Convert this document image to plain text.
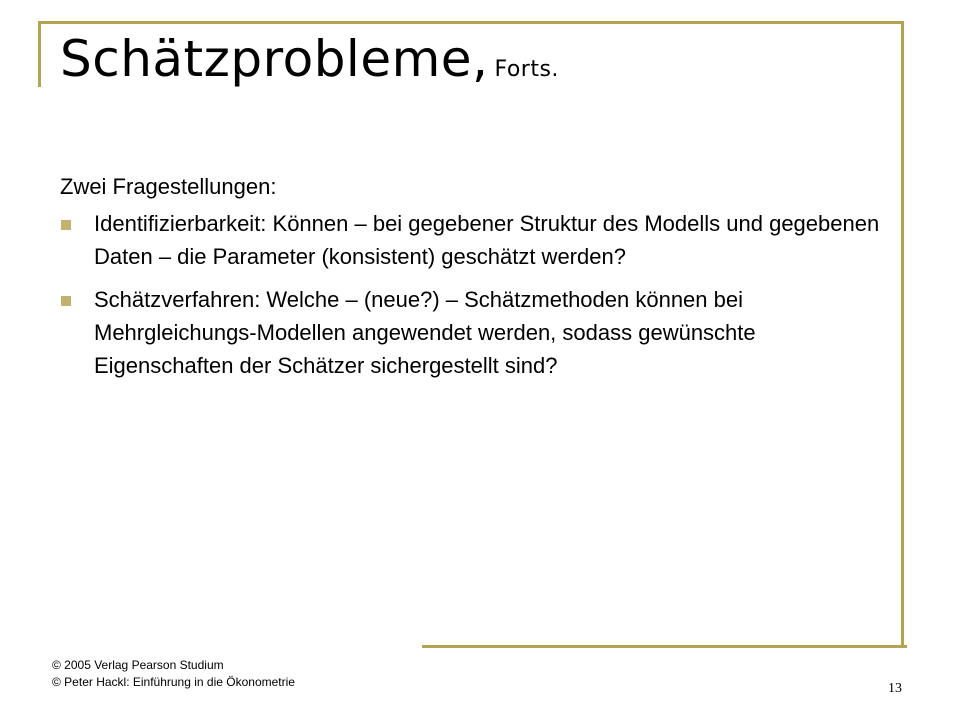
Schätzprobleme, Forts.

Zwei Fragestellungen:

Identifizierbarkeit: Können – bei gegebener Struktur des Modells und gegebenen Daten – die Parameter (konsistent) geschätzt werden?
Schätzverfahren: Welche – (neue?) – Schätzmethoden können bei Mehrgleichungs-Modellen angewendet werden, sodass gewünschte Eigenschaften der Schätzer sichergestellt sind?
© 2005 Verlag Pearson Studium
© Peter Hackl: Einführung in die Ökonometrie	13
